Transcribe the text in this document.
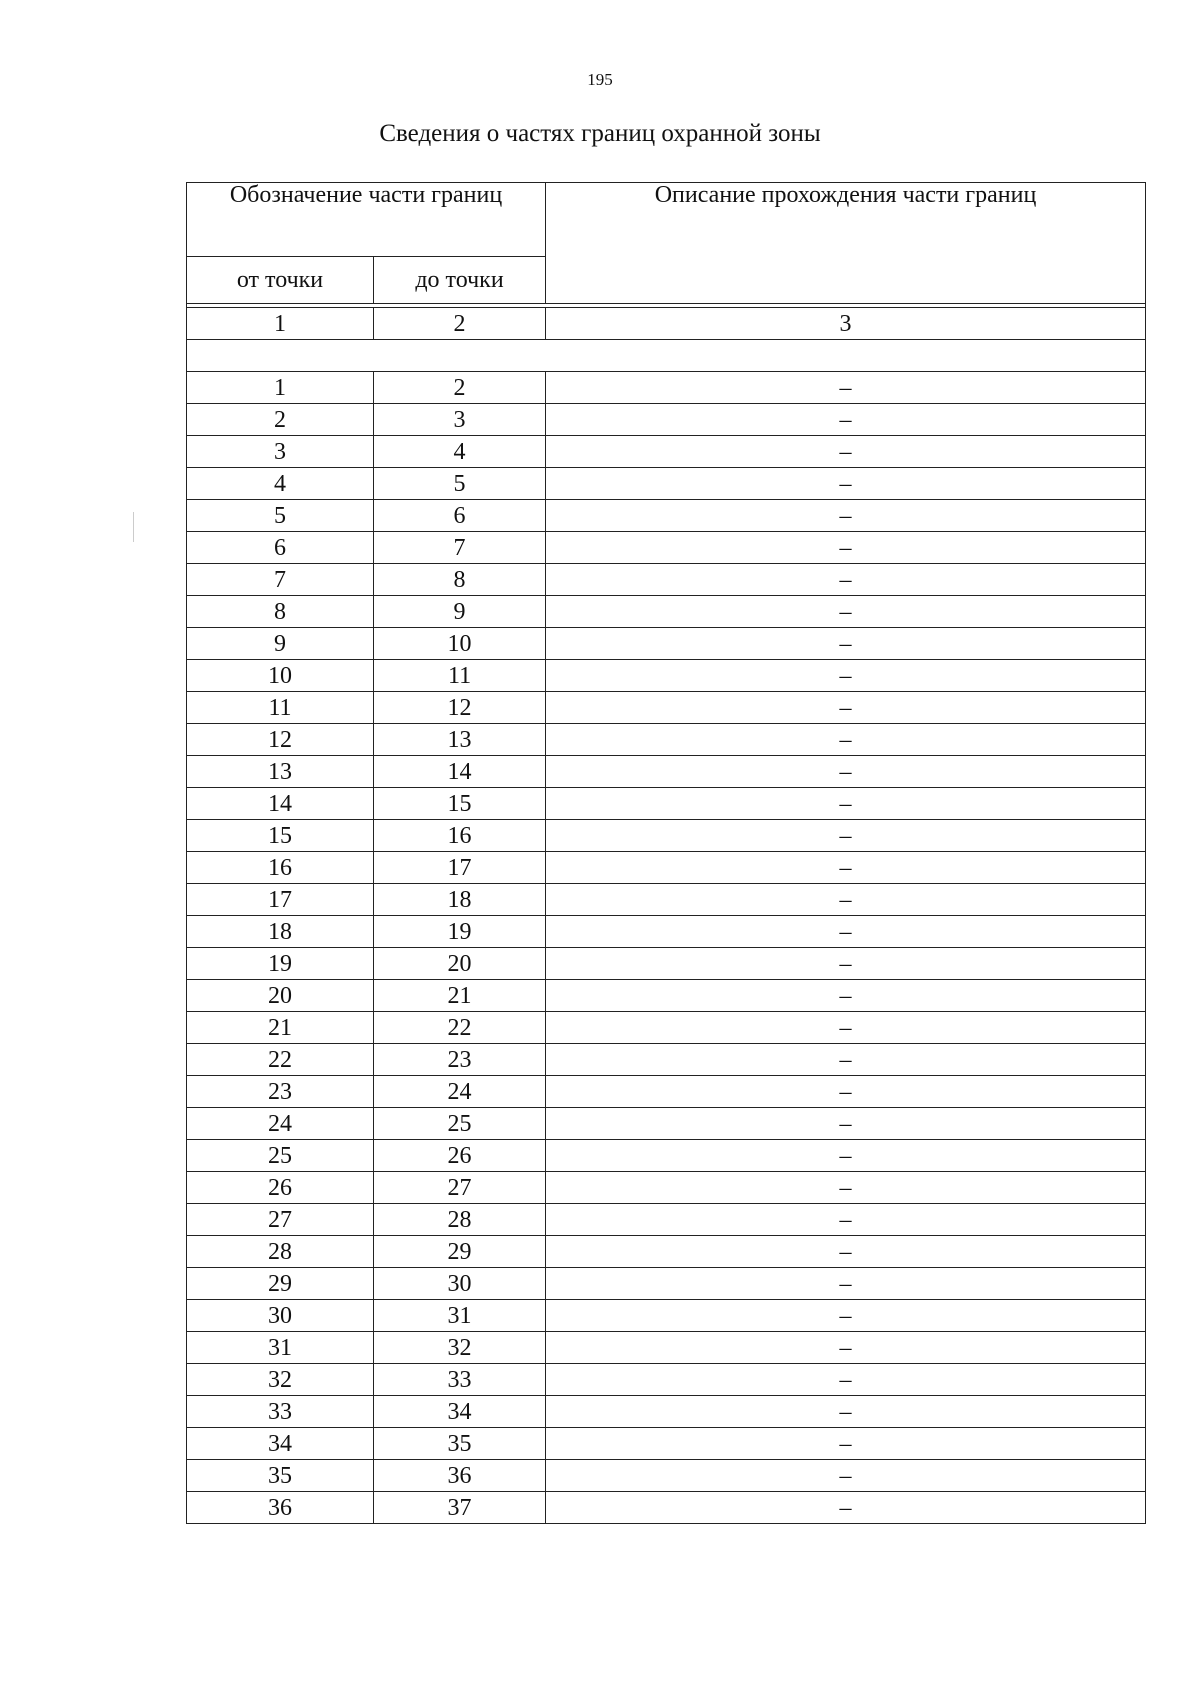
195
Сведения о частях границ охранной зоны
Обозначение части границ		Описание прохождения части границ
от точки	до точки	

1	2	3

1	2	–
2	3	–
3	4	–
4	5	–
5	6	–
6	7	–
7	8	–
8	9	–
9	10	–
10	11	–
11	12	–
12	13	–
13	14	–
14	15	–
15	16	–
16	17	–
17	18	–
18	19	–
19	20	–
20	21	–
21	22	–
22	23	–
23	24	–
24	25	–
25	26	–
26	27	–
27	28	–
28	29	–
29	30	–
30	31	–
31	32	–
32	33	–
33	34	–
34	35	–
35	36	–
36	37	–
